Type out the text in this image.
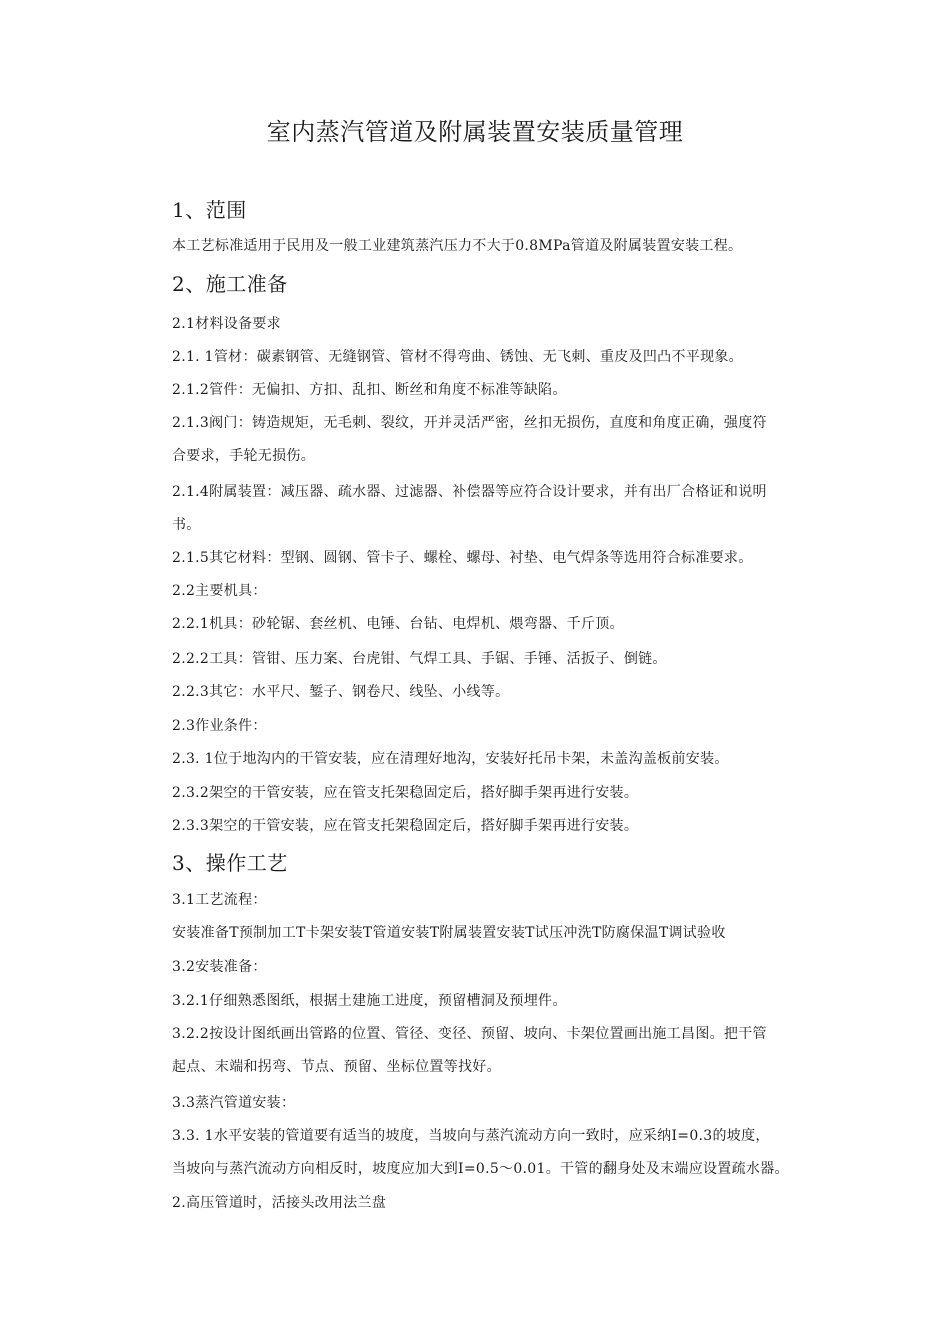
室内蒸汽管道及附属装置安装质量管理
1、范围
本工艺标准适用于民用及一般工业建筑蒸汽压力不大于0.8MPa管道及附属装置安装工程。
2、施工准备
2.1材料设备要求
2.1. 1管材：碳素钢管、无缝钢管、管材不得弯曲、锈蚀、无飞刺、重皮及凹凸不平现象。
2.1.2管件：无偏扣、方扣、乱扣、断丝和角度不标准等缺陷。
2.1.3阀门：铸造规矩，无毛刺、裂纹，开并灵活严密，丝扣无损伤，直度和角度正确，强度符
合要求，手轮无损伤。
2.1.4附属装置：减压器、疏水器、过滤器、补偿器等应符合设计要求，并有出厂合格证和说明
书。
2.1.5其它材料：型钢、圆钢、管卡子、螺栓、螺母、衬垫、电气焊条等选用符合标准要求。
2.2主要机具：
2.2.1机具：砂轮锯、套丝机、电锤、台钻、电焊机、煨弯器、千斤顶。
2.2.2工具：管钳、压力案、台虎钳、气焊工具、手锯、手锤、活扳子、倒链。
2.2.3其它：水平尺、錾子、钢卷尺、线坠、小线等。
2.3作业条件：
2.3. 1位于地沟内的干管安装，应在清理好地沟，安装好托吊卡架，未盖沟盖板前安装。
2.3.2架空的干管安装，应在管支托架稳固定后，搭好脚手架再进行安装。
2.3.3架空的干管安装，应在管支托架稳固定后，搭好脚手架再进行安装。
3、操作工艺
3.1工艺流程：
安装准备T预制加工T卡架安装T管道安装T附属装置安装T试压冲洗T防腐保温T调试验收
3.2安装准备：
3.2.1仔细熟悉图纸，根据土建施工进度，预留槽洞及预埋件。
3.2.2按设计图纸画出管路的位置、管径、变径、预留、坡向、卡架位置画出施工昌图。把干管
起点、末端和拐弯、节点、预留、坐标位置等找好。
3.3蒸汽管道安装：
3.3. 1水平安装的管道要有适当的坡度，当坡向与蒸汽流动方向一致时，应采纳I=0.3的坡度，
当坡向与蒸汽流动方向相反时，坡度应加大到I=0.5〜0.01。干管的翻身处及末端应设置疏水器。
2.高压管道时，活接头改用法兰盘
